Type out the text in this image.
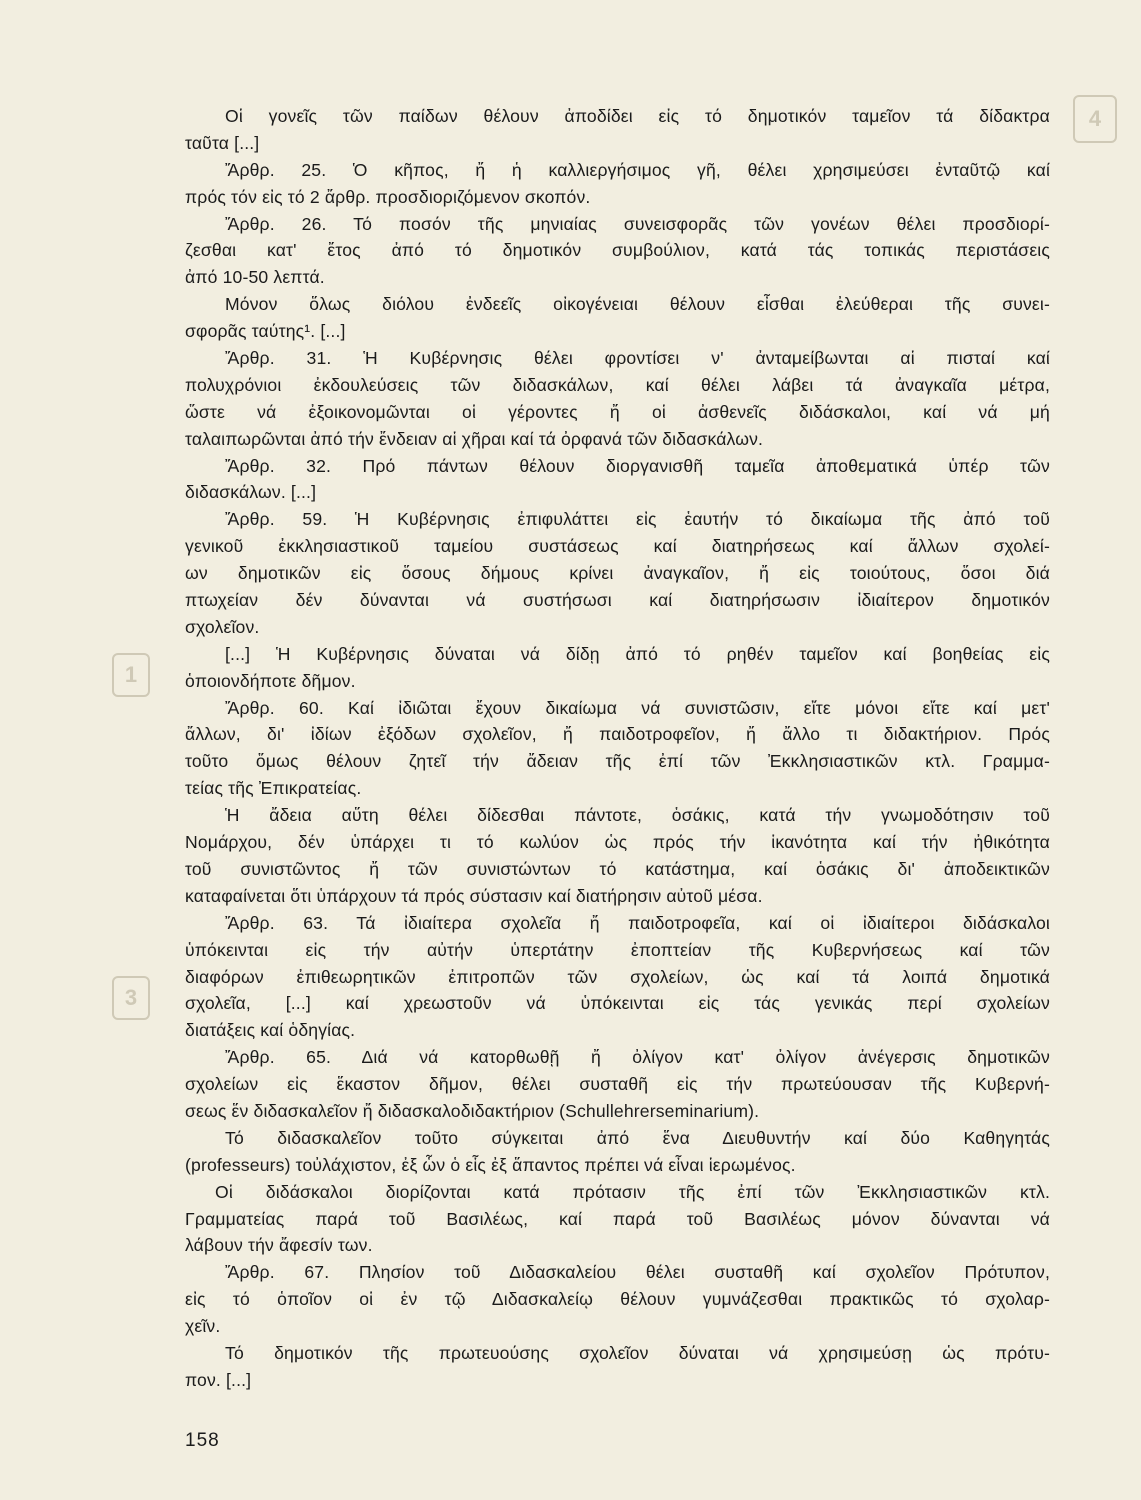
4
1
3
Οἱ γονεῖς τῶν παίδων θέλουν ἀποδίδει εἰς τό δημοτικόν ταμεῖον τά δίδακτρα
ταῦτα [...]
Ἄρθρ. 25. Ὁ κῆπος, ἤ ἡ καλλιεργήσιμος γῆ, θέλει χρησιμεύσει ἐνταῦτῷ καί
πρός τόν εἰς τό 2 ἄρθρ. προσδιοριζόμενον σκοπόν.
Ἄρθρ. 26. Τό ποσόν τῆς μηνιαίας συνεισφορᾶς τῶν γονέων θέλει προσδιορί-
ζεσθαι κατ' ἔτος ἀπό τό δημοτικόν συμβούλιον, κατά τάς τοπικάς περιστάσεις
ἀπό 10-50 λεπτά.
Μόνον ὅλως διόλου ἐνδεεῖς οἰκογένειαι θέλουν εἶσθαι ἐλεύθεραι τῆς συνει-
σφορᾶς ταύτης¹. [...]
Ἄρθρ. 31. Ἡ Κυβέρνησις θέλει φροντίσει ν' ἀνταμείβωνται αἱ πισταί καί
πολυχρόνιοι ἐκδουλεύσεις τῶν διδασκάλων, καί θέλει λάβει τά ἀναγκαῖα μέτρα,
ὥστε νά ἐξοικονομῶνται οἱ γέροντες ἤ οἱ ἀσθενεῖς διδάσκαλοι, καί νά μή
ταλαιπωρῶνται ἀπό τήν ἔνδειαν αἱ χῆραι καί τά ὀρφανά τῶν διδασκάλων.
Ἄρθρ. 32. Πρό πάντων θέλουν διοργανισθῆ ταμεῖα ἀποθεματικά ὑπέρ τῶν
διδασκάλων. [...]
Ἄρθρ. 59. Ἡ Κυβέρνησις ἐπιφυλάττει εἰς ἑαυτήν τό δικαίωμα τῆς ἀπό τοῦ
γενικοῦ ἐκκλησιαστικοῦ ταμείου συστάσεως καί διατηρήσεως καί ἄλλων σχολεί-
ων δημοτικῶν εἰς ὅσους δήμους κρίνει ἀναγκαῖον, ἤ εἰς τοιούτους, ὅσοι διά
πτωχείαν δέν δύνανται νά συστήσωσι καί διατηρήσωσιν ἰδιαίτερον δημοτικόν
σχολεῖον.
[...] Ἡ Κυβέρνησις δύναται νά δίδῃ ἀπό τό ρηθέν ταμεῖον καί βοηθείας εἰς
ὁποιονδήποτε δῆμον.
Ἄρθρ. 60. Καί ἰδιῶται ἔχουν δικαίωμα νά συνιστῶσιν, εἴτε μόνοι εἴτε καί μετ'
ἄλλων, δι' ἰδίων ἐξόδων σχολεῖον, ἤ παιδοτροφεῖον, ἤ ἄλλο τι διδακτήριον. Πρός
τοῦτο ὅμως θέλουν ζητεῖ τήν ἄδειαν τῆς ἐπί τῶν Ἐκκλησιαστικῶν κτλ. Γραμμα-
τείας τῆς Ἐπικρατείας.
Ἡ ἄδεια αὕτη θέλει δίδεσθαι πάντοτε, ὁσάκις, κατά τήν γνωμοδότησιν τοῦ
Νομάρχου, δέν ὑπάρχει τι τό κωλύον ὡς πρός τήν ἱκανότητα καί τήν ἠθικότητα
τοῦ συνιστῶντος ἤ τῶν συνιστώντων τό κατάστημα, καί ὁσάκις δι' ἀποδεικτικῶν
καταφαίνεται ὅτι ὑπάρχουν τά πρός σύστασιν καί διατήρησιν αὐτοῦ μέσα.
Ἄρθρ. 63. Τά ἰδιαίτερα σχολεῖα ἤ παιδοτροφεῖα, καί οἱ ἰδιαίτεροι διδάσκαλοι
ὑπόκεινται εἰς τήν αὐτήν ὑπερτάτην ἐποπτείαν τῆς Κυβερνήσεως καί τῶν
διαφόρων ἐπιθεωρητικῶν ἐπιτροπῶν τῶν σχολείων, ὡς καί τά λοιπά δημοτικά
σχολεῖα, [...] καί χρεωστοῦν νά ὑπόκεινται εἰς τάς γενικάς περί σχολείων
διατάξεις καί ὁδηγίας.
Ἄρθρ. 65. Διά νά κατορθωθῇ ἤ ὀλίγον κατ' ὀλίγον ἀνέγερσις δημοτικῶν
σχολείων εἰς ἕκαστον δῆμον, θέλει συσταθῆ εἰς τήν πρωτεύουσαν τῆς Κυβερνή-
σεως ἕν διδασκαλεῖον ἤ διδασκαλοδιδακτήριον (Schullehrerseminarium).
Τό διδασκαλεῖον τοῦτο σύγκειται ἀπό ἕνα Διευθυντήν καί δύο Καθηγητάς
(professeurs) τοὐλάχιστον, ἐξ ὧν ὁ εἷς ἐξ ἅπαντος πρέπει νά εἶναι ἱερωμένος.
Οἱ διδάσκαλοι διορίζονται κατά πρότασιν τῆς ἐπί τῶν Ἐκκλησιαστικῶν κτλ.
Γραμματείας παρά τοῦ Βασιλέως, καί παρά τοῦ Βασιλέως μόνον δύνανται νά
λάβουν τήν ἄφεσίν των.
Ἄρθρ. 67. Πλησίον τοῦ Διδασκαλείου θέλει συσταθῆ καί σχολεῖον Πρότυπον,
εἰς τό ὁποῖον οἱ ἐν τῷ Διδασκαλείῳ θέλουν γυμνάζεσθαι πρακτικῶς τό σχολαρ-
χεῖν.
Τό δημοτικόν τῆς πρωτευούσης σχολεῖον δύναται νά χρησιμεύσῃ ὡς πρότυ-
πον. [...]
158
